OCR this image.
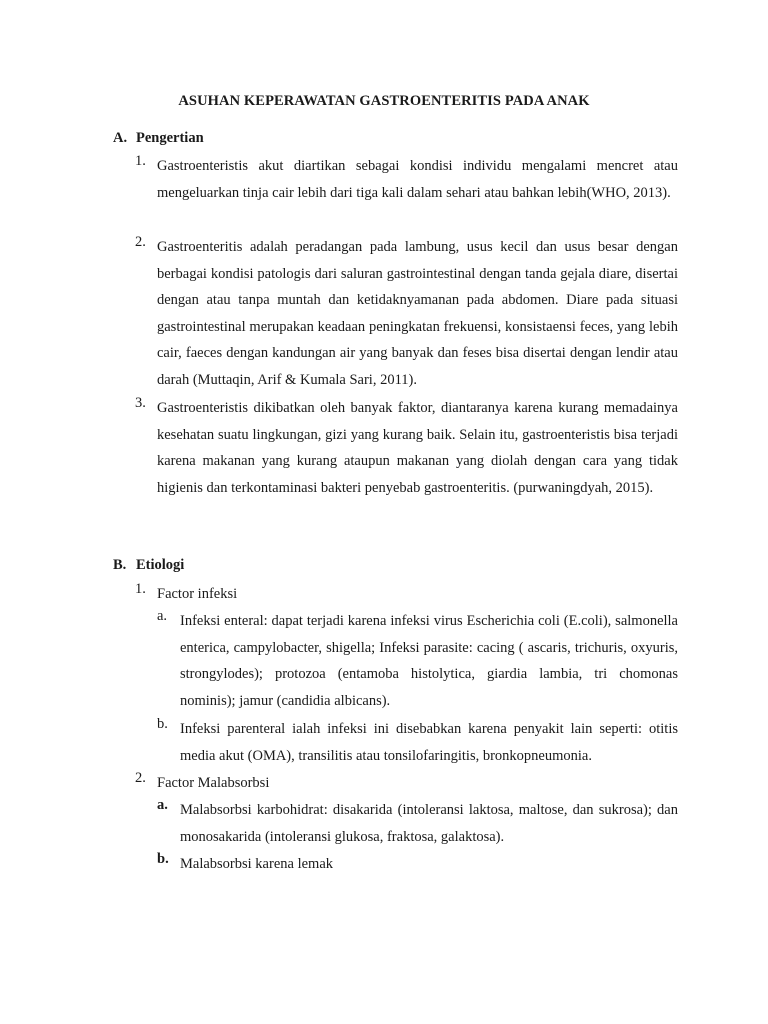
ASUHAN KEPERAWATAN GASTROENTERITIS PADA ANAK
A. Pengertian
1. Gastroenteristis akut diartikan sebagai kondisi individu mengalami mencret atau mengeluarkan tinja cair lebih dari tiga kali dalam sehari atau bahkan lebih(WHO, 2013).
2. Gastroenteritis adalah peradangan pada lambung, usus kecil dan usus besar dengan berbagai kondisi patologis dari saluran gastrointestinal dengan tanda gejala diare, disertai dengan atau tanpa muntah dan ketidaknyamanan pada abdomen. Diare pada situasi gastrointestinal merupakan keadaan peningkatan frekuensi, konsistaensi feces, yang lebih cair, faeces dengan kandungan air yang banyak dan feses bisa disertai dengan lendir atau darah (Muttaqin, Arif & Kumala Sari, 2011).
3. Gastroenteristis dikibatkan oleh banyak faktor, diantaranya karena kurang memadainya kesehatan suatu lingkungan, gizi yang kurang baik. Selain itu, gastroenteristis bisa terjadi karena makanan yang kurang ataupun makanan yang diolah dengan cara yang tidak higienis dan terkontaminasi bakteri penyebab gastroenteritis. (purwaningdyah, 2015).
B. Etiologi
1. Factor infeksi
a. Infeksi enteral: dapat terjadi karena infeksi virus Escherichia coli (E.coli), salmonella enterica, campylobacter, shigella; Infeksi parasite: cacing ( ascaris, trichuris, oxyuris, strongylodes); protozoa (entamoba histolytica, giardia lambia, tri chomonas nominis); jamur (candidia albicans).
b. Infeksi parenteral ialah infeksi ini disebabkan karena penyakit lain seperti: otitis media akut (OMA), transilitis atau tonsilofaringitis, bronkopneumonia.
2. Factor Malabsorbsi
a. Malabsorbsi karbohidrat: disakarida (intoleransi laktosa, maltose, dan sukrosa); dan monosakarida (intoleransi glukosa, fraktosa, galaktosa).
b. Malabsorbsi karena lemak
